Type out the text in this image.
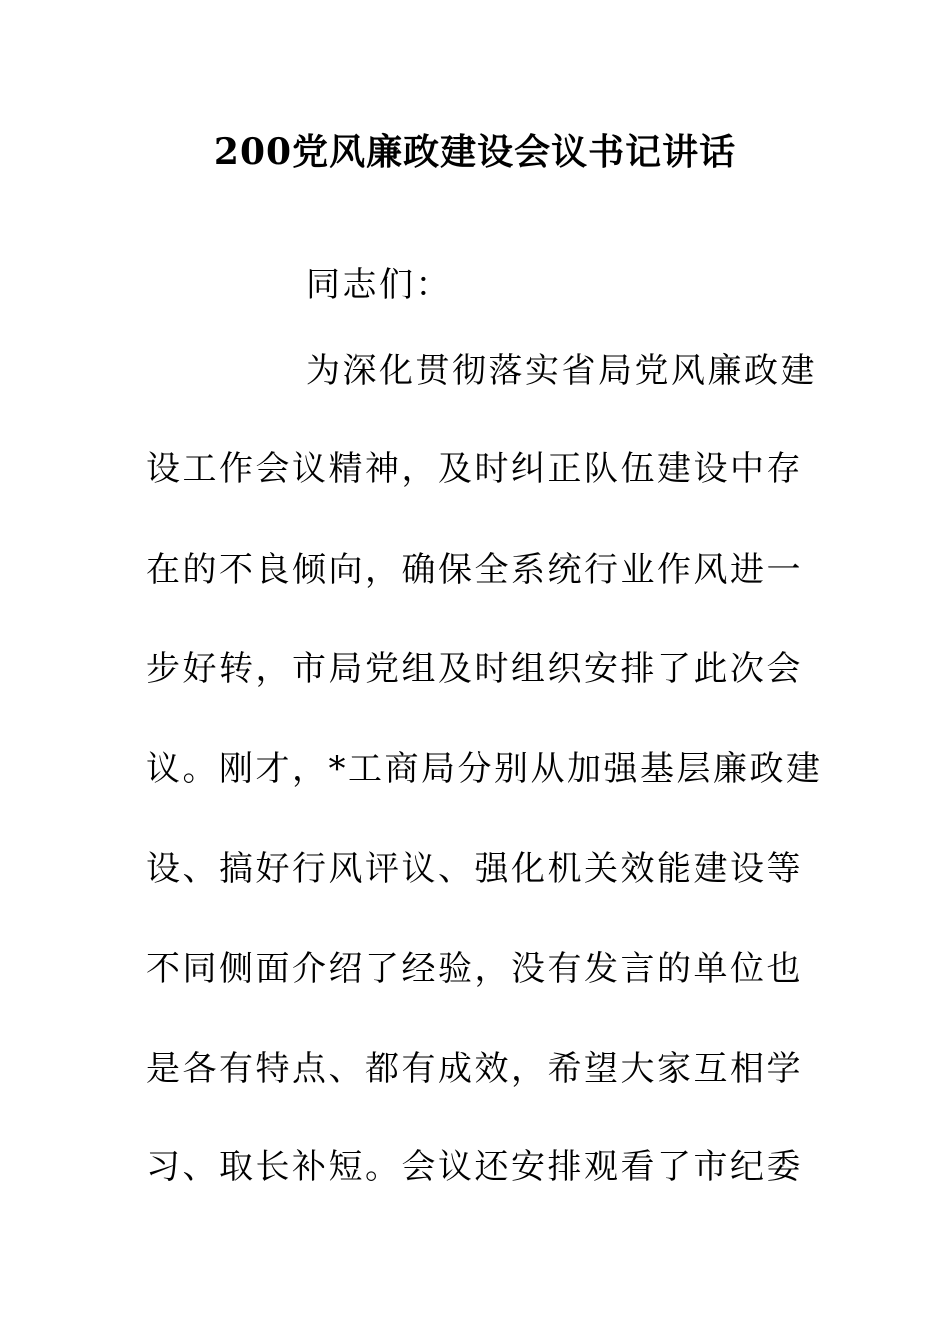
200党风廉政建设会议书记讲话
同志们：
为深化贯彻落实省局党风廉政建
设工作会议精神，及时纠正队伍建设中存
在的不良倾向，确保全系统行业作风进一
步好转，市局党组及时组织安排了此次会
议。刚才，*工商局分别从加强基层廉政建
设、搞好行风评议、强化机关效能建设等
不同侧面介绍了经验，没有发言的单位也
是各有特点、都有成效，希望大家互相学
习、取长补短。会议还安排观看了市纪委
